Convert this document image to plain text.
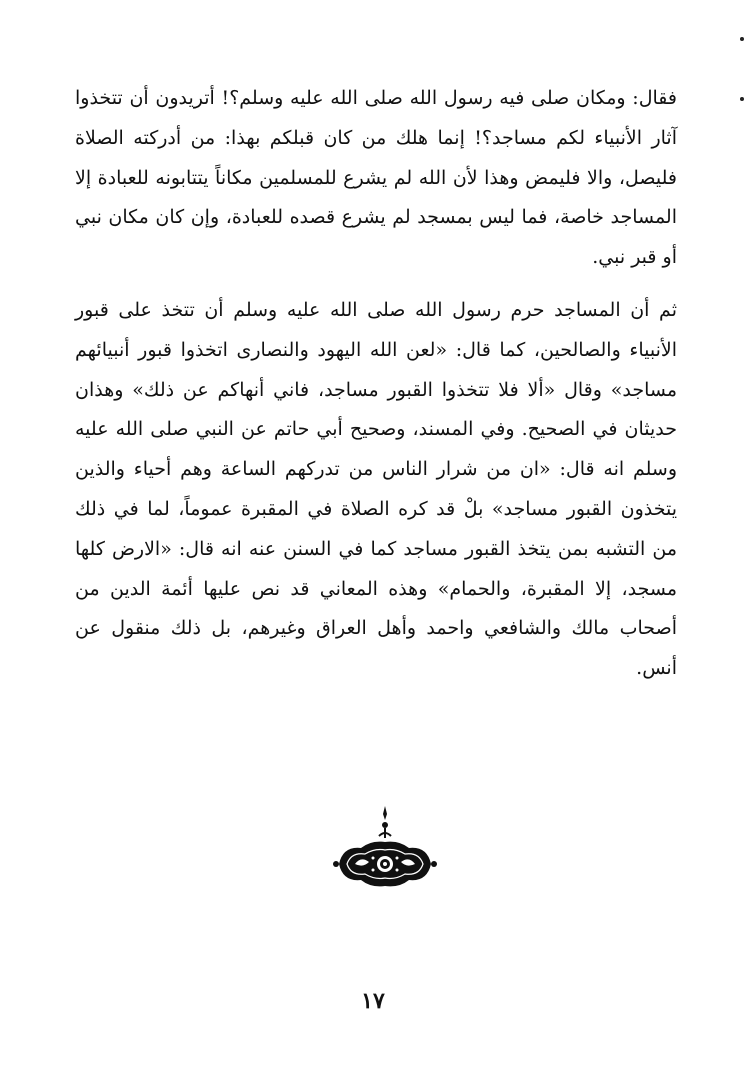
فقال: ومكان صلى فيه رسول الله صلى الله عليه وسلم؟! أتريدون أن تتخذوا آثار الأنبياء لكم مساجد؟! إنما هلك من كان قبلكم بهذا: من أدركته الصلاة فليصل، والا فليمض وهذا لأن الله لم يشرع للمسلمين مكاناً يتتابونه للعبادة إلا المساجد خاصة، فما ليس بمسجد لم يشرع قصده للعبادة، وإن كان مكان نبي أو قبر نبي.

ثم أن المساجد حرم رسول الله صلى الله عليه وسلم أن تتخذ على قبور الأنبياء والصالحين، كما قال: «لعن الله اليهود والنصارى اتخذوا قبور أنبيائهم مساجد» وقال «ألا فلا تتخذوا القبور مساجد، فاني أنهاكم عن ذلك» وهذان حديثان في الصحيح. وفي المسند، وصحيح أبي حاتم عن النبي صلى الله عليه وسلم انه قال: «ان من شرار الناس من تدركهم الساعة وهم أحياء والذين يتخذون القبور مساجد» بلْ قد كره الصلاة في المقبرة عموماً، لما في ذلك من التشبه بمن يتخذ القبور مساجد كما في السنن عنه انه قال: «الارض كلها مسجد، إلا المقبرة، والحمام» وهذه المعاني قد نص عليها أئمة الدين من أصحاب مالك والشافعي واحمد وأهل العراق وغيرهم، بل ذلك منقول عن أنس.

١٧
